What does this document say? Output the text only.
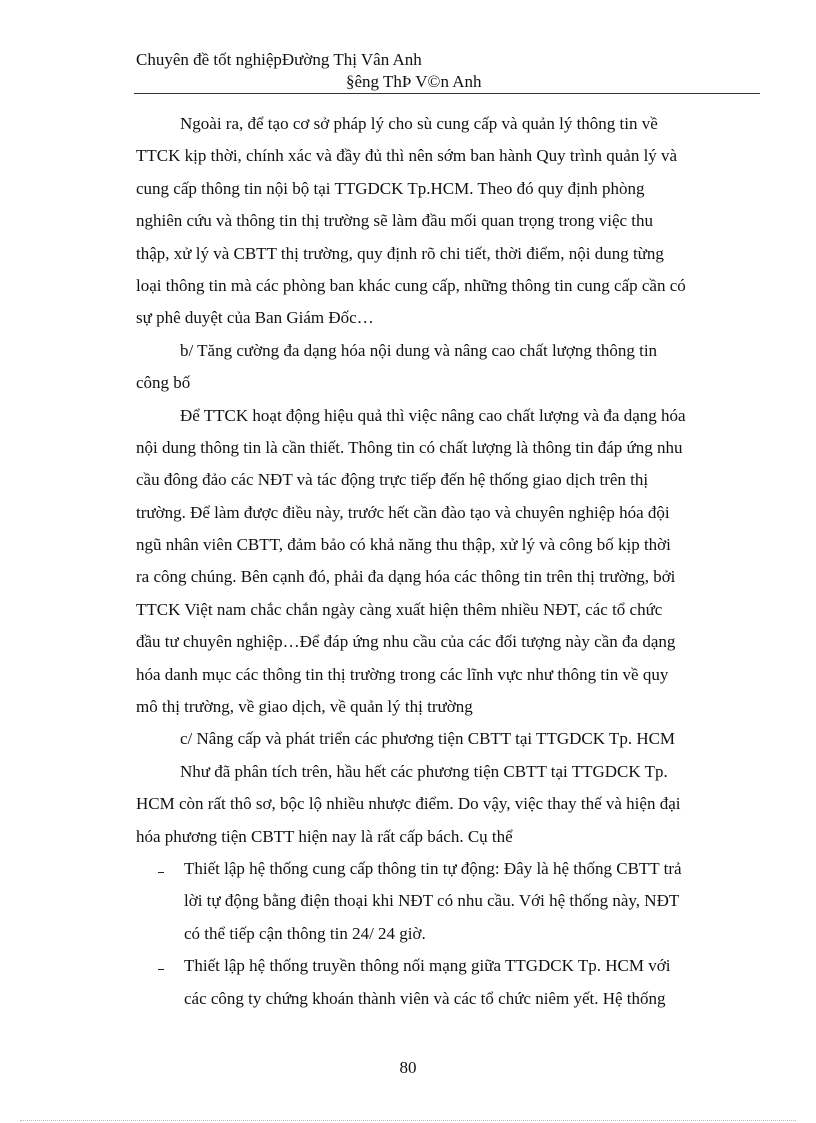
Chuyên đề tốt nghiệpĐường Thị Vân Anh
§êng ThÞ V©n Anh
Ngoài ra, để tạo cơ sở pháp lý cho sù cung cấp và quản lý thông tin về
TTCK kịp thời, chính xác và đầy đủ thì nên sớm ban hành Quy trình quản lý và
cung cấp thông tin nội bộ tại TTGDCK Tp.HCM. Theo đó quy định phòng
nghiên cứu và thông tin thị trường sẽ làm đầu mối quan trọng trong việc thu
thập, xử lý và CBTT thị trường, quy định rõ chi tiết, thời điểm, nội dung từng
loại thông tin mà các phòng ban khác cung cấp, những thông tin cung cấp cần có
sự phê duyệt của Ban Giám Đốc…
b/ Tăng cường đa dạng hóa nội dung và nâng cao chất lượng thông tin
công bố
Để TTCK hoạt động hiệu quả thì việc nâng cao chất lượng và đa dạng hóa
nội dung thông tin là cần thiết. Thông tin có chất lượng là thông tin đáp ứng nhu
cầu đông đảo các NĐT và tác động trực tiếp đến hệ thống giao dịch trên thị
trường. Để làm được điều này, trước hết cần đào tạo và chuyên nghiệp hóa đội
ngũ nhân viên CBTT, đảm bảo có khả năng thu thập, xử lý và công bố kịp thời
ra công chúng. Bên cạnh đó, phải đa dạng hóa các thông tin trên thị trường, bởi
TTCK Việt nam chắc chắn ngày càng xuất hiện thêm nhiều NĐT, các tổ chức
đầu tư chuyên nghiệp…Để đáp ứng nhu cầu của các đối tượng này cần đa dạng
hóa danh mục các thông tin thị trường trong các lĩnh vực như thông tin về quy
mô thị trường, về giao dịch, về quản lý thị trường
c/ Nâng cấp và phát triển các phương tiện CBTT tại TTGDCK Tp. HCM
Như đã phân tích trên, hầu hết các phương tiện CBTT tại TTGDCK Tp.
HCM còn rất thô sơ, bộc lộ nhiều nhược điểm. Do vậy, việc thay thế và hiện đại
hóa phương tiện CBTT hiện nay là rất cấp bách. Cụ thể
Thiết lập hệ thống cung cấp thông tin tự động: Đây là hệ thống CBTT trả
lời tự động bằng điện thoại khi NĐT có nhu cầu. Với hệ thống này, NĐT
có thể tiếp cận thông tin 24/ 24 giờ.
Thiết lập hệ thống truyền thông nối mạng giữa TTGDCK Tp. HCM với
các công ty chứng khoán thành viên và các tổ chức niêm yết. Hệ thống
80
